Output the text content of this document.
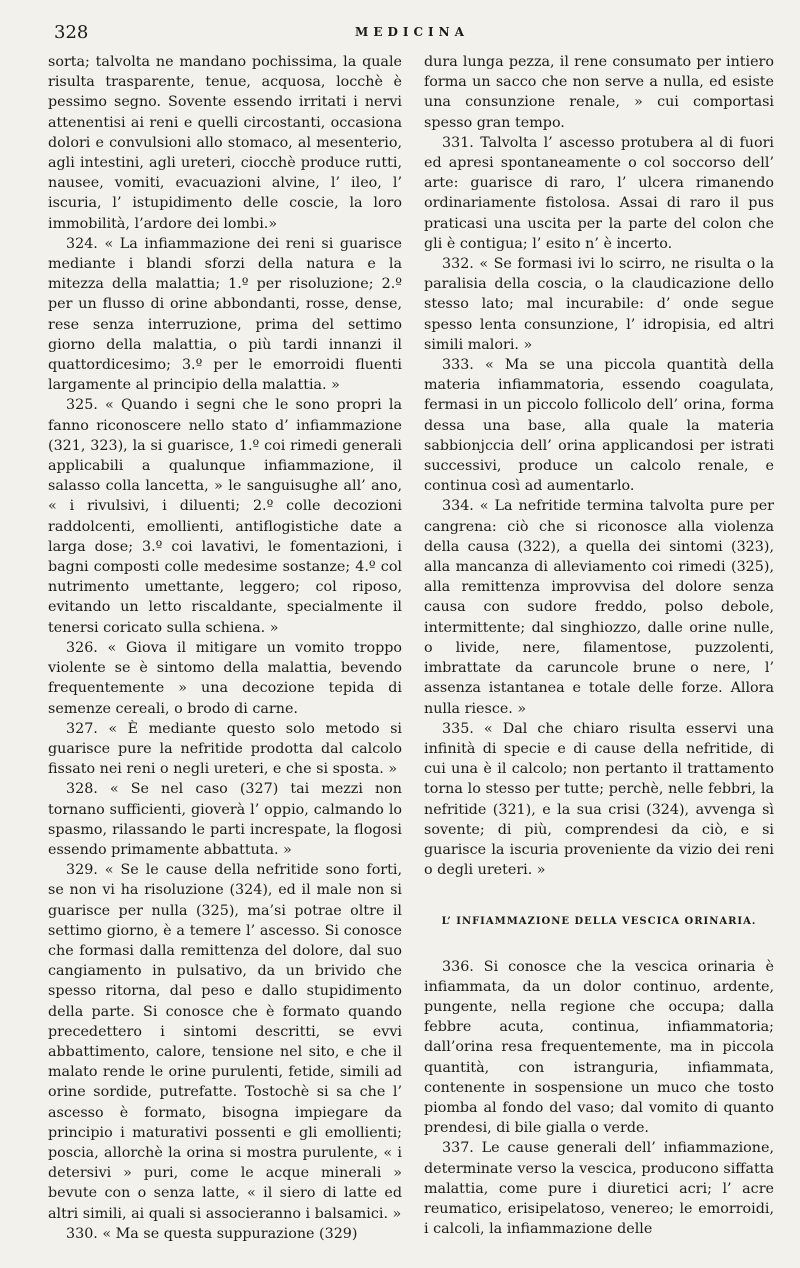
328	MEDICINA

sorta; talvolta ne mandano pochissima, la quale risulta trasparente, tenue, acquosa, locchè è pessimo segno. Sovente essendo irritati i nervi attenentisi ai reni e quelli circostanti, occasiona dolori e convulsioni allo stomaco, al mesenterio, agli intestini, agli ureteri, ciocchè produce rutti, nausee, vomiti, evacuazioni alvine, l’ ileo, l’ iscuria, l’ istupidimento delle coscie, la loro immobilità, l’ardore dei lombi.»

324. « La infiammazione dei reni si guarisce mediante i blandi sforzi della natura e la mitezza della malattia; 1.º per risoluzione; 2.º per un flusso di orine abbondanti, rosse, dense, rese senza interruzione, prima del settimo giorno della malattia, o più tardi innanzi il quattordicesimo; 3.º per le emorroidi fluenti largamente al principio della malattia. »

325. « Quando i segni che le sono propri la fanno riconoscere nello stato d’ infiammazione (321, 323), la si guarisce, 1.º coi rimedi generali applicabili a qualunque infiammazione, il salasso colla lancetta, » le sanguisughe all’ ano, « i rivulsivi, i diluenti; 2.º colle decozioni raddolcenti, emollienti, antiflogistiche date a larga dose; 3.º coi lavativi, le fomentazioni, i bagni composti colle medesime sostanze; 4.º col nutrimento umettante, leggero; col riposo, evitando un letto riscaldante, specialmente il tenersi coricato sulla schiena. »

326. « Giova il mitigare un vomito troppo violente se è sintomo della malattia, bevendo frequentemente » una decozione tepida di semenze cereali, o brodo di carne.

327. « È mediante questo solo metodo si guarisce pure la nefritide prodotta dal calcolo fissato nei reni o negli ureteri, e che si sposta. »

328. « Se nel caso (327) tai mezzi non tornano sufficienti, gioverà l’ oppio, calmando lo spasmo, rilassando le parti increspate, la flogosi essendo primamente abbattuta. »

329. « Se le cause della nefritide sono forti, se non vi ha risoluzione (324), ed il male non si guarisce per nulla (325), ma’si potrae oltre il settimo giorno, è a temere l’ ascesso. Si conosce che formasi dalla remittenza del dolore, dal suo cangiamento in pulsativo, da un brivido che spesso ritorna, dal peso e dallo stupidimento della parte. Si conosce che è formato quando precedettero i sintomi descritti, se evvi abbattimento, calore, tensione nel sito, e che il malato rende le orine purulenti, fetide, simili ad orine sordide, putrefatte. Tostochè si sa che l’ ascesso è formato, bisogna impiegare da principio i maturativi possenti e gli emollienti; poscia, allorchè la orina si mostra purulente, « i detersivi » puri, come le acque minerali » bevute con o senza latte, « il siero di latte ed altri simili, ai quali si associeranno i balsamici. »

330. « Ma se questa suppurazione (329)

dura lunga pezza, il rene consumato per intiero forma un sacco che non serve a nulla, ed esiste una consunzione renale, » cui comportasi spesso gran tempo.

331. Talvolta l’ ascesso protubera al di fuori ed apresi spontaneamente o col soccorso dell’ arte: guarisce di raro, l’ ulcera rimanendo ordinariamente fistolosa. Assai di raro il pus praticasi una uscita per la parte del colon che gli è contigua; l’ esito n’ è incerto.

332. « Se formasi ivi lo scirro, ne risulta o la paralisia della coscia, o la claudicazione dello stesso lato; mal incurabile: d’ onde segue spesso lenta consunzione, l’ idropisia, ed altri simili malori. »

333. « Ma se una piccola quantità della materia infiammatoria, essendo coagulata, fermasi in un piccolo follicolo dell’ orina, forma dessa una base, alla quale la materia sabbionjccia dell’ orina applicandosi per istrati successivi, produce un calcolo renale, e continua così ad aumentarlo.

334. « La nefritide termina talvolta pure per cangrena: ciò che si riconosce alla violenza della causa (322), a quella dei sintomi (323), alla mancanza di alleviamento coi rimedi (325), alla remittenza improvvisa del dolore senza causa con sudore freddo, polso debole, intermittente; dal singhiozzo, dalle orine nulle, o livide, nere, filamentose, puzzolenti, imbrattate da caruncole brune o nere, l’ assenza istantanea e totale delle forze. Allora nulla riesce. »

335. « Dal che chiaro risulta esservi una infinità di specie e di cause della nefritide, di cui una è il calcolo; non pertanto il trattamento torna lo stesso per tutte; perchè, nelle febbri, la nefritide (321), e la sua crisi (324), avvenga sì sovente; di più, comprendesi da ciò, e si guarisce la iscuria proveniente da vizio dei reni o degli ureteri. »

L’ INFIAMMAZIONE DELLA VESCICA ORINARIA.

336. Si conosce che la vescica orinaria è infiammata, da un dolor continuo, ardente, pungente, nella regione che occupa; dalla febbre acuta, continua, infiammatoria; dall’orina resa frequentemente, ma in piccola quantità, con istranguria, infiammata, contenente in sospensione un muco che tosto piomba al fondo del vaso; dal vomito di quanto prendesi, di bile gialla o verde.

337. Le cause generali dell’ infiammazione, determinate verso la vescica, producono siffatta malattia, come pure i diuretici acri; l’ acre reumatico, erisipelatoso, venereo; le emorroidi, i calcoli, la infiammazione delle
